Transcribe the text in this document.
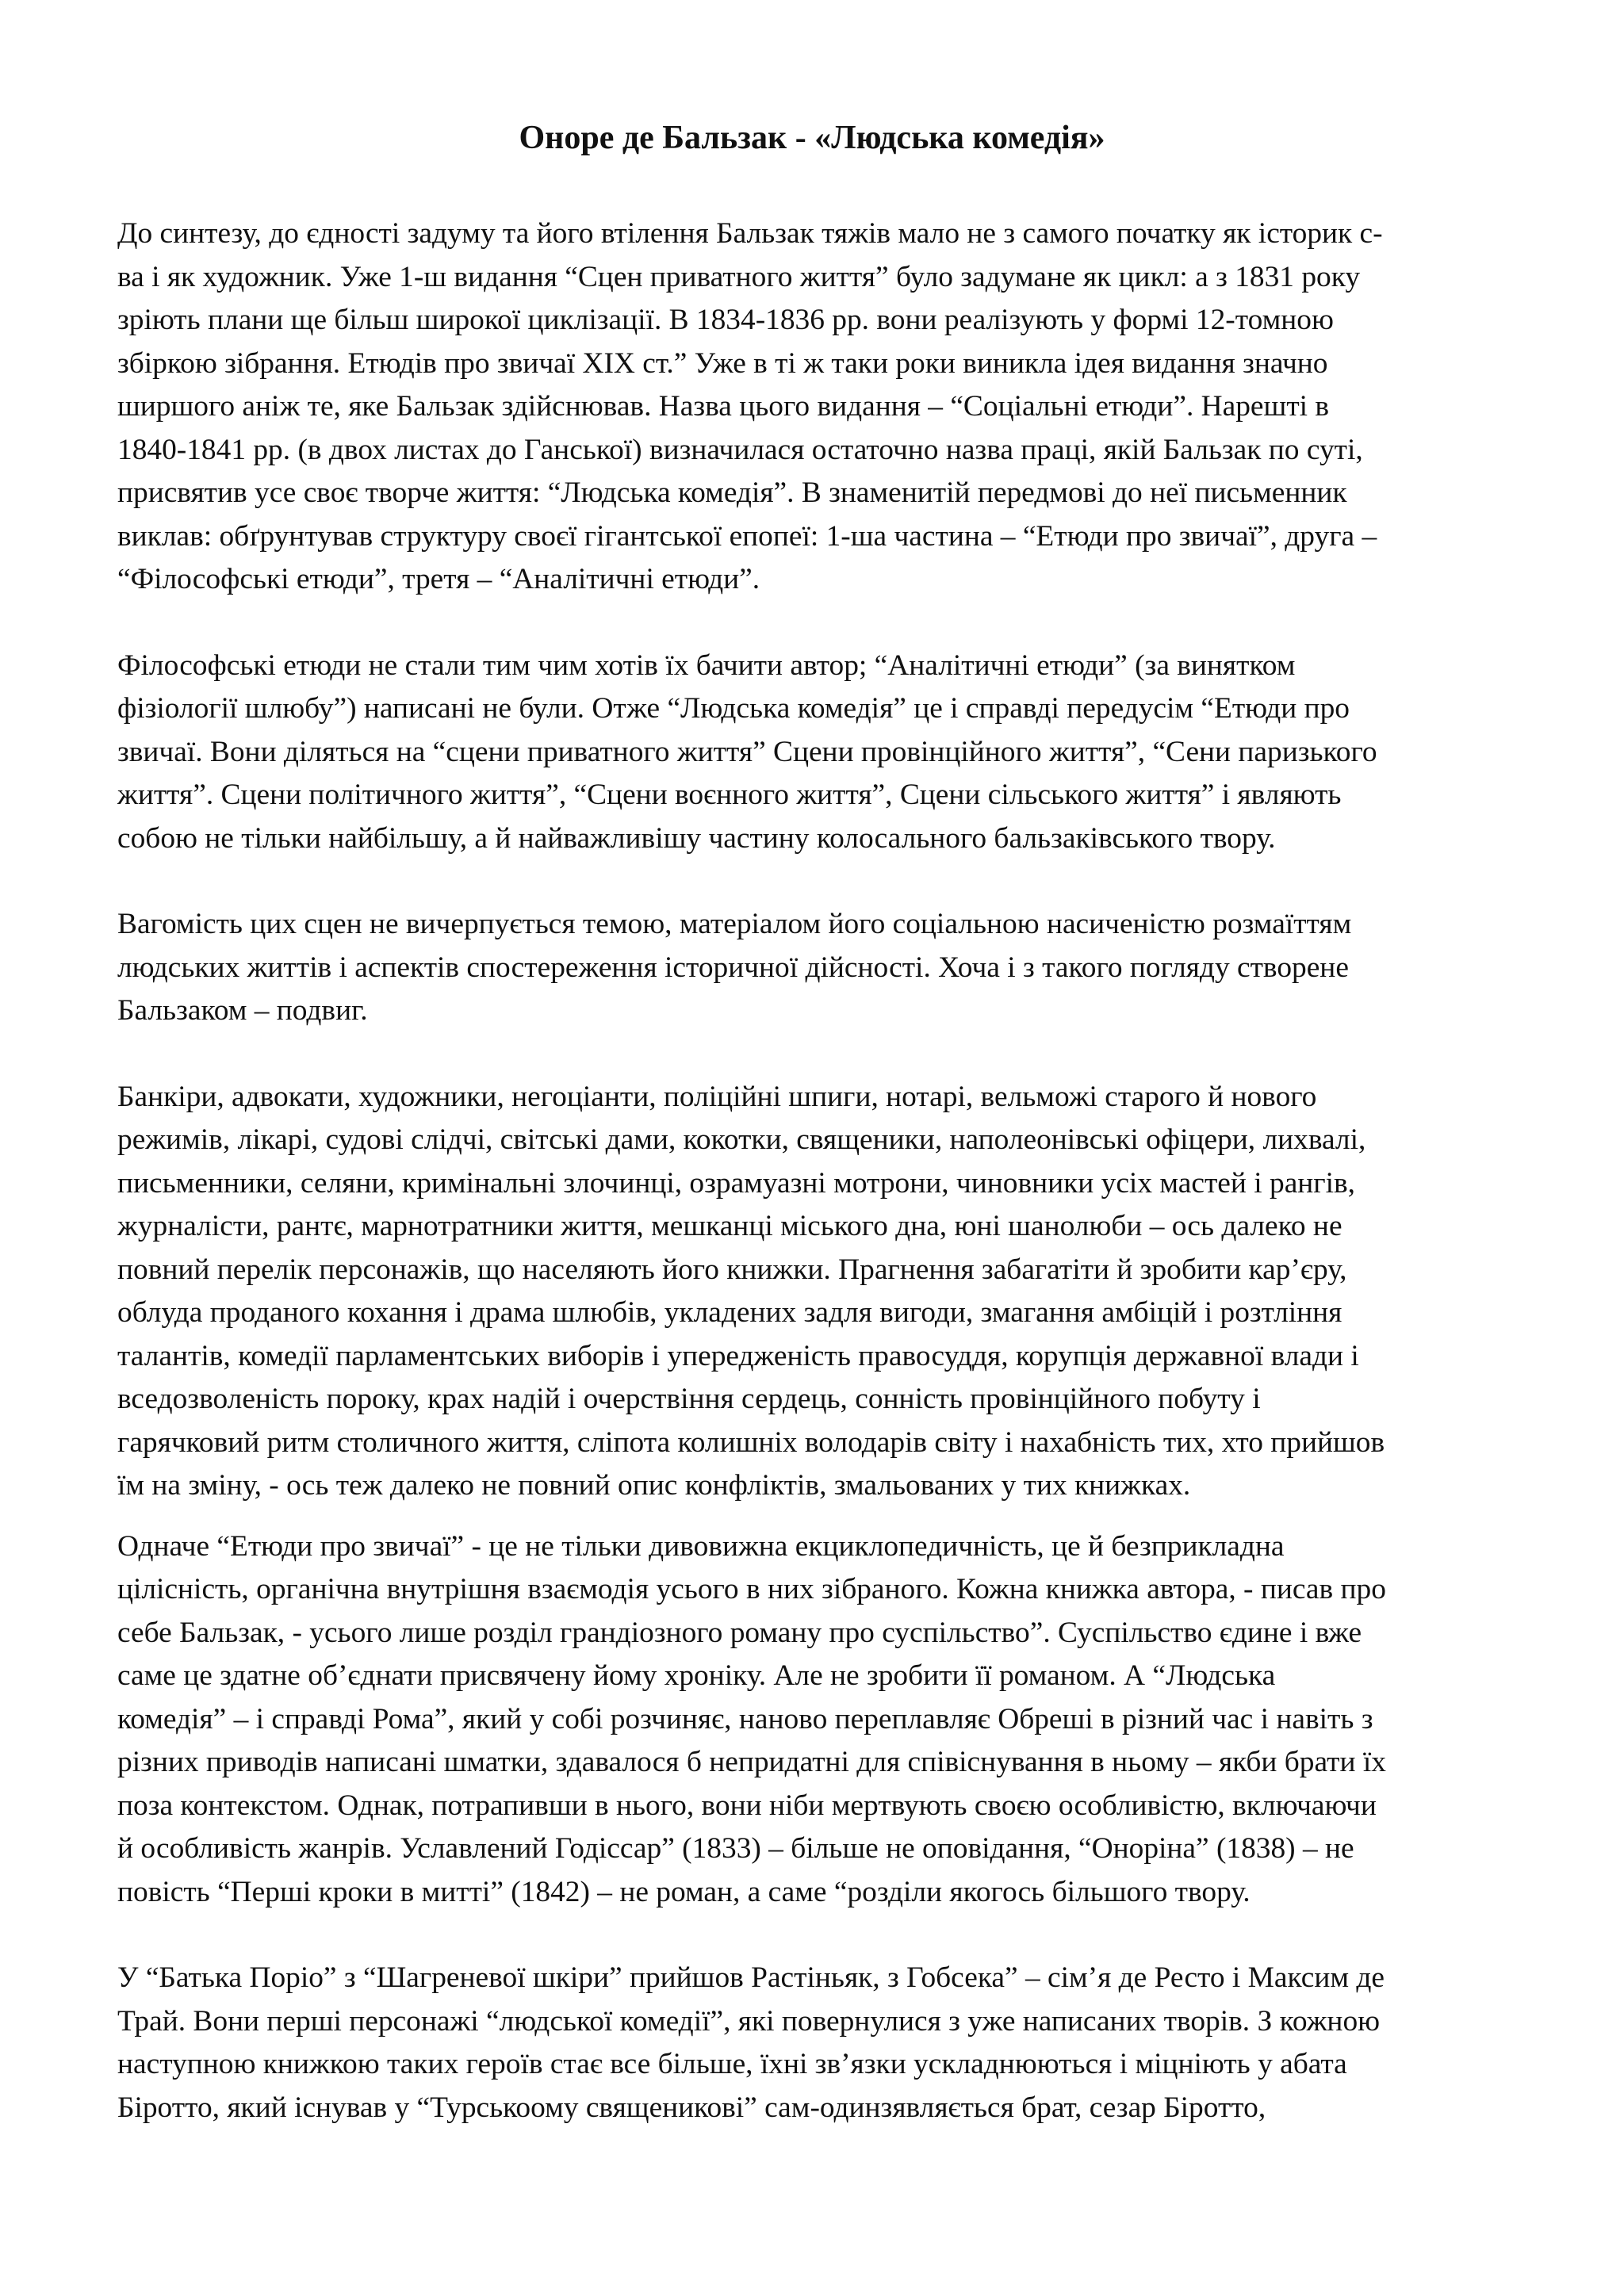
Оноре де Бальзак - «Людська комедія»

До синтезу, до єдності задуму та його втілення Бальзак тяжів мало не з самого початку як історик с-
ва і як художник. Уже 1-ш видання “Сцен приватного життя” було задумане як цикл: а з 1831 року
зріють плани ще більш широкої циклізації. В 1834-1836 рр. вони реалізують у формі 12-томною
збіркою зібрання. Етюдів про звичаї XIX ст.” Уже в ті ж таки роки виникла ідея видання значно
ширшого аніж те, яке Бальзак здійснював. Назва цього видання – “Соціальні етюди”. Нарешті в
1840-1841 рр. (в двох листах до Ганської) визначилася остаточно назва праці, якій Бальзак по суті,
присвятив усе своє творче життя: “Людська комедія”. В знаменитій передмові до неї письменник
виклав: обґрунтував структуру своєї гігантської епопеї: 1-ша частина – “Етюди про звичаї”, друга –
“Філософські етюди”, третя – “Аналітичні етюди”.

Філософські етюди не стали тим чим хотів їх бачити автор; “Аналітичні етюди” (за винятком
фізіології шлюбу”) написані не були. Отже “Людська комедія” це і справді передусім “Етюди про
звичаї. Вони діляться на “сцени приватного життя” Сцени провінційного життя”, “Сени паризького
життя”. Сцени політичного життя”, “Сцени воєнного життя”, Сцени сільського життя” і являють
собою не тільки найбільшу, а й найважливішу частину колосального бальзаківського твору.

Вагомість цих сцен не вичерпується темою, матеріалом його соціальною насиченістю розмаїттям
людських життів і аспектів спостереження історичної дійсності. Хоча і з такого погляду створене
Бальзаком – подвиг.

Банкіри, адвокати, художники, негоціанти, поліційні шпиги, нотарі, вельможі старого й нового
режимів, лікарі, судові слідчі, світські дами, кокотки, священики, наполеонівські офіцери, лихвалі,
письменники, селяни, кримінальні злочинці, озрамуазні мотрони, чиновники усіх мастей і рангів,
журналісти, рантє, марнотратники життя, мешканці міського дна, юні шанолюби – ось далеко не
повний перелік персонажів, що населяють його книжки. Прагнення забагатіти й зробити кар’єру,
облуда проданого кохання і драма шлюбів, укладених задля вигоди, змагання амбіцій і розтління
талантів, комедії парламентських виборів і упередженість правосуддя, корупція державної влади і
вседозволеність пороку, крах надій і очерствіння сердець, сонність провінційного побуту і
гарячковий ритм столичного життя, сліпота колишніх володарів світу і нахабність тих, хто прийшов
їм на зміну, - ось теж далеко не повний опис конфліктів, змальованих у тих книжках.

Одначе “Етюди про звичаї” - це не тільки дивовижна екциклопедичність, це й безприкладна
цілісність, органічна внутрішня взаємодія усього в них зібраного. Кожна книжка автора, - писав про
себе Бальзак, - усього лише розділ грандіозного роману про суспільство”. Суспільство єдине і вже
саме це здатне об’єднати присвячену йому хроніку. Але не зробити її романом. А “Людська
комедія” – і справді Рома”, який у собі розчиняє, наново переплавляє Обреші в різний час і навіть з
різних приводів написані шматки, здавалося б непридатні для співіснування в ньому – якби брати їх
поза контекстом. Однак, потрапивши в нього, вони ніби мертвують своєю особливістю, включаючи
й особливість жанрів. Уславлений Годіссар” (1833) – більше не оповідання, “Оноріна” (1838) – не
повість “Перші кроки в митті” (1842) – не роман, а саме “розділи якогось більшого твору.

У “Батька Поріо” з “Шагреневої шкіри” прийшов Растіньяк, з Гобсека” – сім’я де Ресто і Максим де
Трай. Вони перші персонажі “людської комедії”, які повернулися з уже написаних творів. З кожною
наступною книжкою таких героїв стає все більше, їхні зв’язки ускладнюються і міцніють у абата
Біротто, який існував у “Турськоому священикові” сам-одинзявляється брат, сезар Біротто,
